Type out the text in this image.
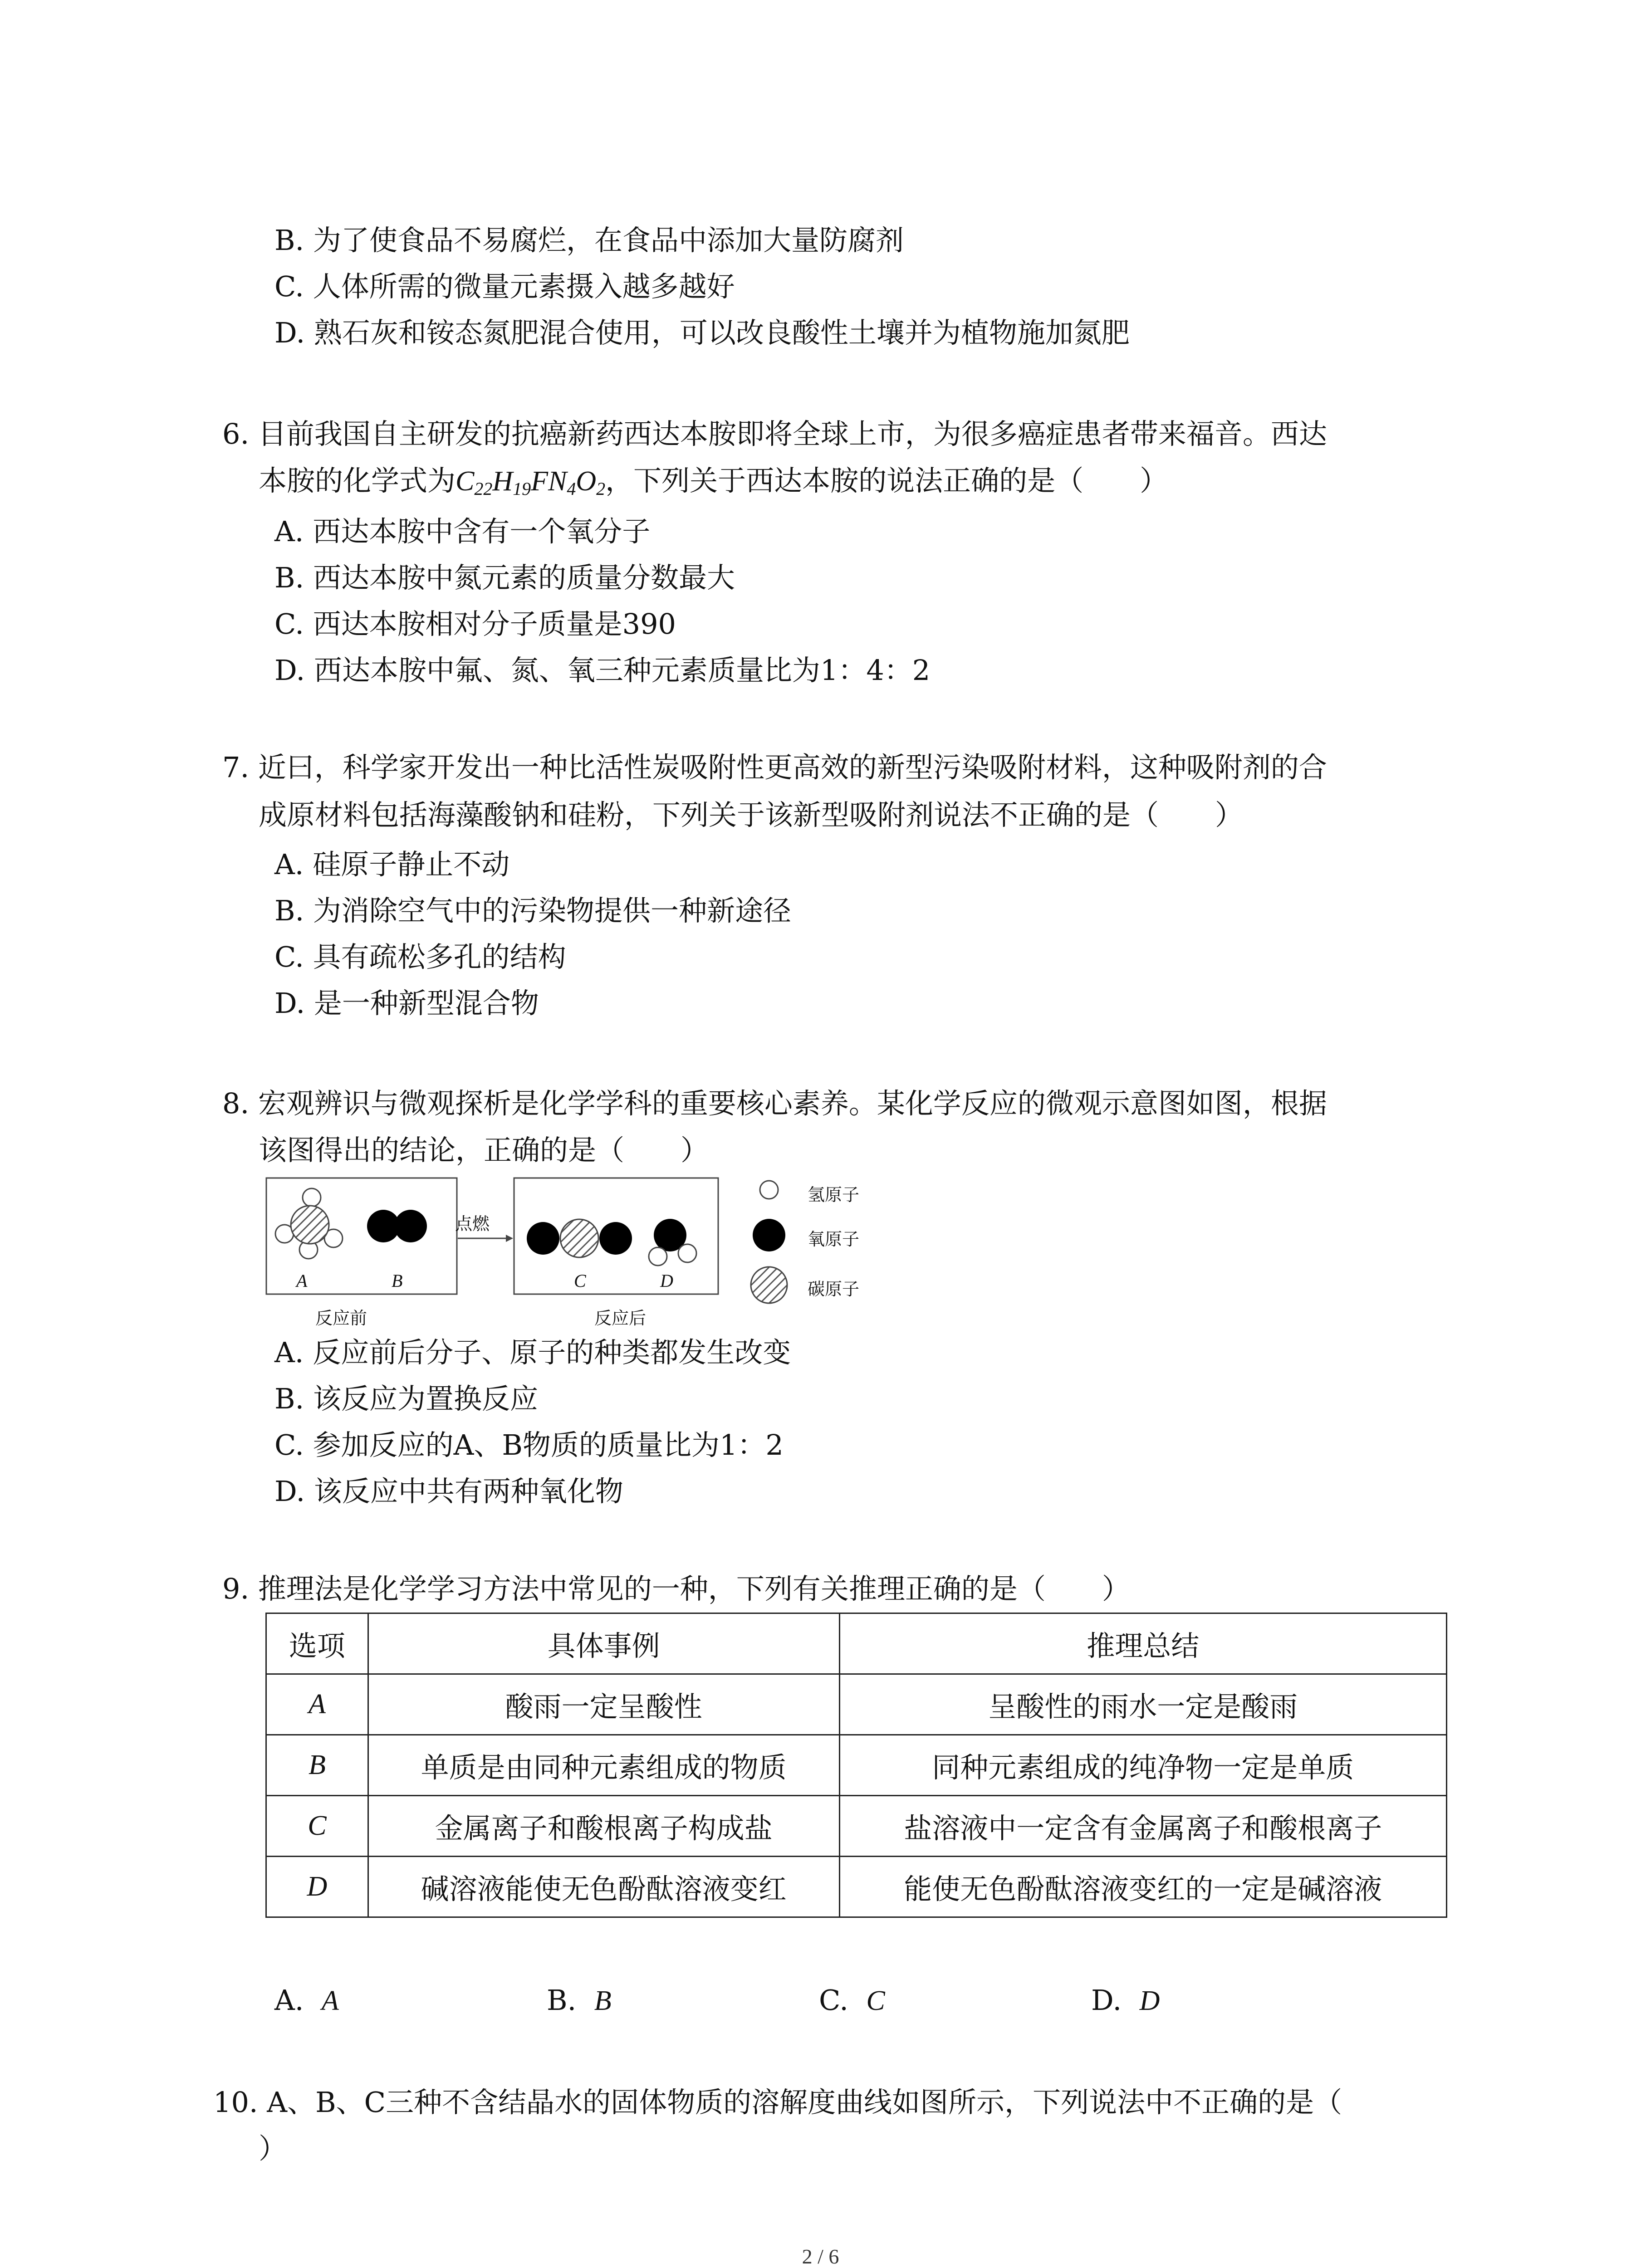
B. 为了使食品不易腐烂，在食品中添加大量防腐剂
C. 人体所需的微量元素摄入越多越好
D. 熟石灰和铵态氮肥混合使用，可以改良酸性土壤并为植物施加氮肥
6. 目前我国自主研发的抗癌新药西达本胺即将全球上市，为很多癌症患者带来福音。西达
本胺的化学式为$C_{22}H_{19}FN_4O_2$，下列关于西达本胺的说法正确的是（　　）
A. 西达本胺中含有一个氧分子
B. 西达本胺中氮元素的质量分数最大
C. 西达本胺相对分子质量是390
D. 西达本胺中氟、氮、氧三种元素质量比为1：4：2
7. 近曰，科学家开发出一种比活性炭吸附性更高效的新型污染吸附材料，这种吸附剂的合
成原材料包括海藻酸钠和硅粉，下列关于该新型吸附剂说法不正确的是（　　）
A. 硅原子静止不动
B. 为消除空气中的污染物提供一种新途径
C. 具有疏松多孔的结构
D. 是一种新型混合物
8. 宏观辨识与微观探析是化学学科的重要核心素养。某化学反应的微观示意图如图，根据
该图得出的结论，正确的是（　　）
点燃
A	B	C	D
反应前	反应后
氢原子
氧原子
碳原子
A. 反应前后分子、原子的种类都发生改变
B. 该反应为置换反应
C. 参加反应的A、B物质的质量比为1：2
D. 该反应中共有两种氧化物
9. 推理法是化学学习方法中常见的一种，下列有关推理正确的是（　　）
选项	具体事例	推理总结
A	酸雨一定呈酸性	呈酸性的雨水一定是酸雨
B	单质是由同种元素组成的物质	同种元素组成的纯净物一定是单质
C	金属离子和酸根离子构成盐	盐溶液中一定含有金属离子和酸根离子
D	碱溶液能使无色酚酞溶液变红	能使无色酚酞溶液变红的一定是碱溶液
A. A	B. B	C. C	D. D
10. A、B、C三种不含结晶水的固体物质的溶解度曲线如图所示，下列说法中不正确的是（
）
2 / 6
